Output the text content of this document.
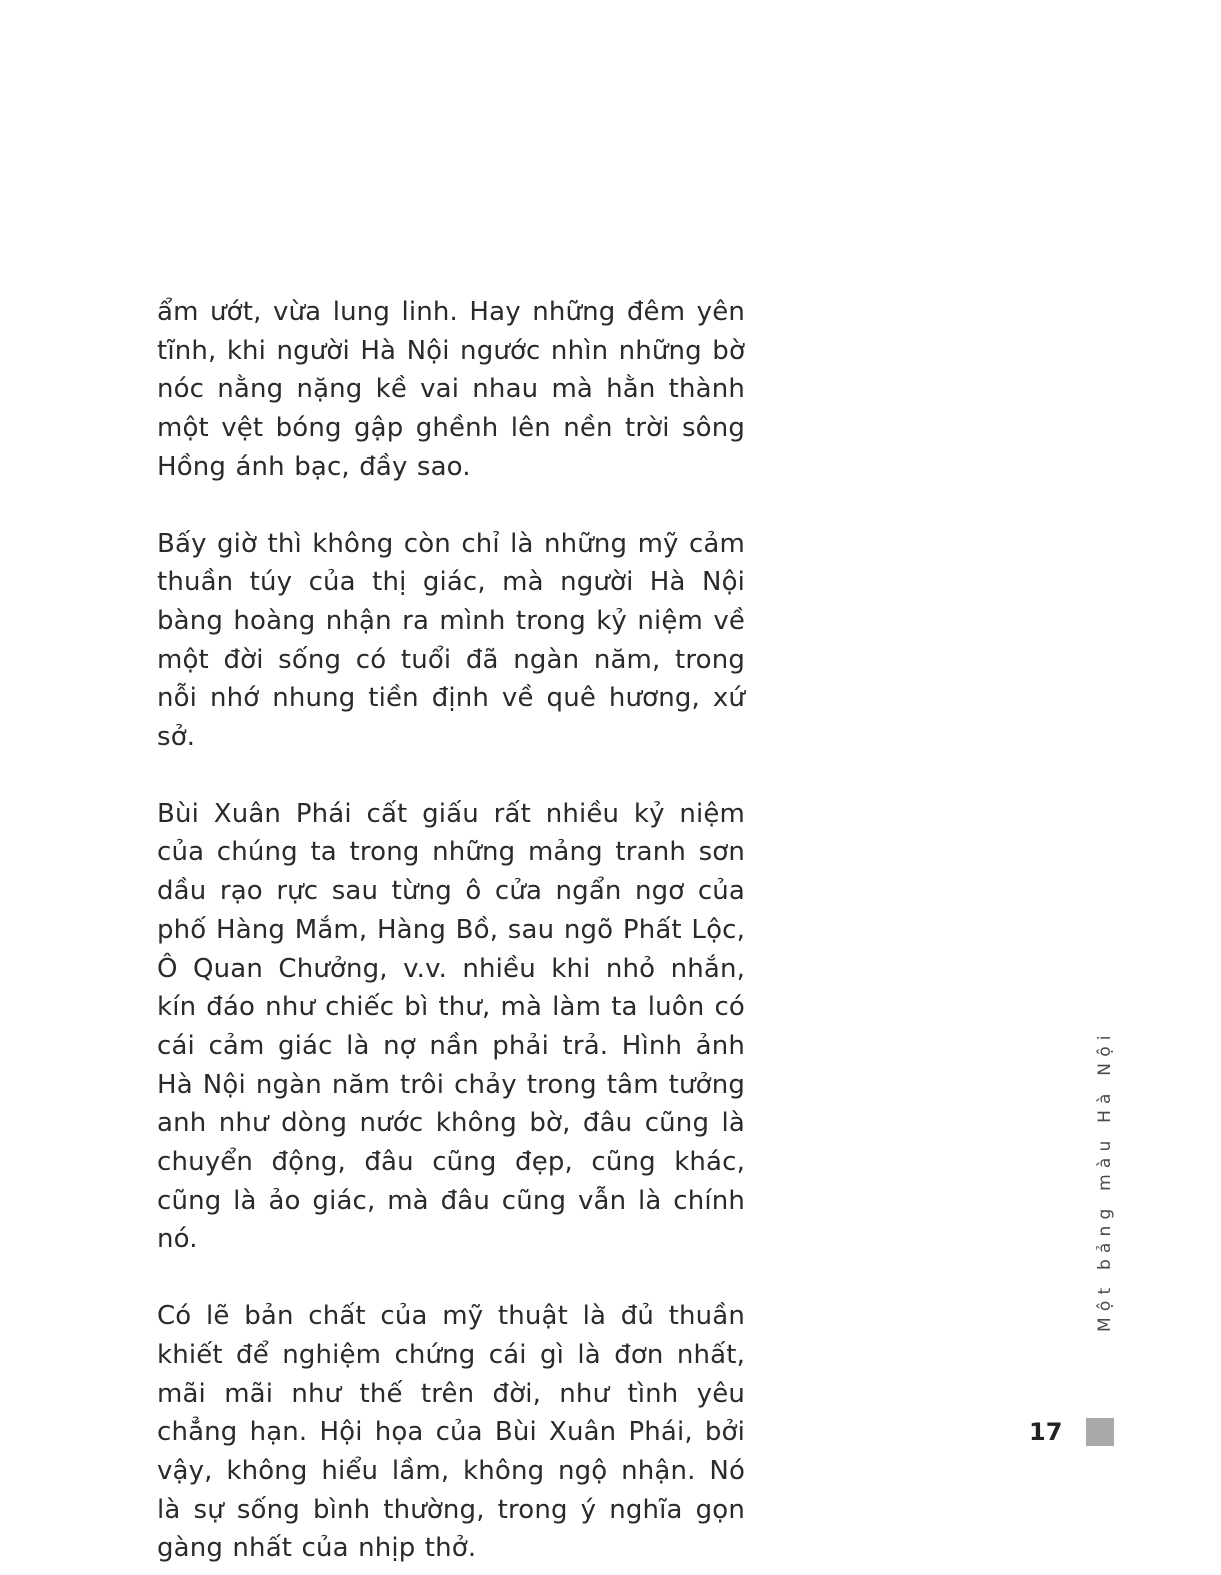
ẩm ướt, vừa lung linh. Hay những đêm yên tĩnh, khi người Hà Nội ngước nhìn những bờ nóc nằng nặng kề vai nhau mà hằn thành một vệt bóng gập ghềnh lên nền trời sông Hồng ánh bạc, đầy sao.

Bấy giờ thì không còn chỉ là những mỹ cảm thuần túy của thị giác, mà người Hà Nội bàng hoàng nhận ra mình trong kỷ niệm về một đời sống có tuổi đã ngàn năm, trong nỗi nhớ nhung tiền định về quê hương, xứ sở.

Bùi Xuân Phái cất giấu rất nhiều kỷ niệm của chúng ta trong những mảng tranh sơn dầu rạo rực sau từng ô cửa ngẩn ngơ của phố Hàng Mắm, Hàng Bồ, sau ngõ Phất Lộc, Ô Quan Chưởng, v.v. nhiều khi nhỏ nhắn, kín đáo như chiếc bì thư, mà làm ta luôn có cái cảm giác là nợ nần phải trả. Hình ảnh Hà Nội ngàn năm trôi chảy trong tâm tưởng anh như dòng nước không bờ, đâu cũng là chuyển động, đâu cũng đẹp, cũng khác, cũng là ảo giác, mà đâu cũng vẫn là chính nó.

Có lẽ bản chất của mỹ thuật là đủ thuần khiết để nghiệm chứng cái gì là đơn nhất, mãi mãi như thế trên đời, như tình yêu chẳng hạn. Hội họa của Bùi Xuân Phái, bởi vậy, không hiểu lầm, không ngộ nhận. Nó là sự sống bình thường, trong ý nghĩa gọn gàng nhất của nhịp thở.

Một bảng màu Hà Nội
17
